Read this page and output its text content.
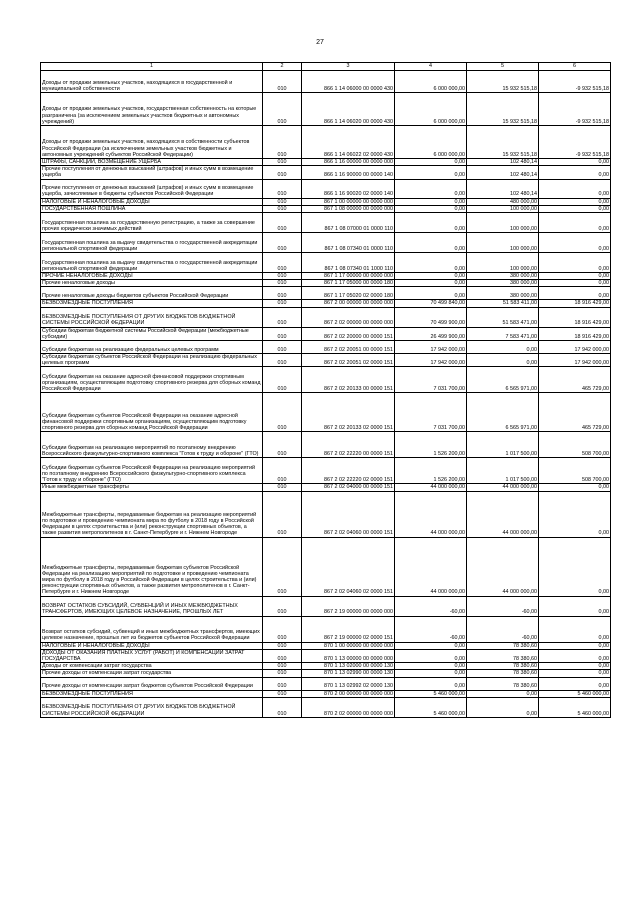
27
1	2	3	4	5	6
Доходы от продажи земельных участков, находящихся в государственной и муниципальной собственности	010	866 1 14 06000 00 0000 430	6 000 000,00	15 932 515,18	-9 932 515,18
Доходы от продажи земельных участков, государственная собственность на которые разграничена (за исключением земельных участков бюджетных и автономных учреждений)	010	866 1 14 06020 00 0000 430	6 000 000,00	15 932 515,18	-9 932 515,18
Доходы от продажи земельных участков, находящихся в собственности субъектов Российской Федерации (за исключением земельных участков бюджетных и автономных учреждений субъектов Российской Федерации)	010	866 1 14 06022 02 0000 430	6 000 000,00	15 932 515,18	-9 932 515,18
ШТРАФЫ, САНКЦИИ, ВОЗМЕЩЕНИЕ УЩЕРБА	010	866 1 16 00000 00 0000 000	0,00	102 480,14	0,00
Прочие поступления от денежных взысканий (штрафов) и иных сумм в возмещение ущерба	010	866 1 16 90000 00 0000 140	0,00	102 480,14	0,00
Прочие поступления от денежных взысканий (штрафов) и иных сумм в возмещение ущерба, зачисляемые в бюджеты субъектов Российской Федерации	010	866 1 16 90020 02 0000 140	0,00	102 480,14	0,00
НАЛОГОВЫЕ И НЕНАЛОГОВЫЕ ДОХОДЫ	010	867 1 00 00000 00 0000 000	0,00	480 000,00	0,00
ГОСУДАРСТВЕННАЯ ПОШЛИНА	010	867 1 08 00000 00 0000 000	0,00	100 000,00	0,00
Государственная пошлина за государственную регистрацию, а также за совершение прочих юридически значимых действий	010	867 1 08 07000 01 0000 110	0,00	100 000,00	0,00
Государственная пошлина за выдачу свидетельства о государственной аккредитации региональной спортивной федерации	010	867 1 08 07340 01 0000 110	0,00	100 000,00	0,00
Государственная пошлина за выдачу свидетельства о государственной аккредитации региональной спортивной федерации	010	867 1 08 07340 01 1000 110	0,00	100 000,00	0,00
ПРОЧИЕ НЕНАЛОГОВЫЕ ДОХОДЫ	010	867 1 17 00000 00 0000 000	0,00	380 000,00	0,00
Прочие неналоговые доходы	010	867 1 17 05000 00 0000 180	0,00	380 000,00	0,00
Прочие неналоговые доходы бюджетов субъектов Российской Федерации	010	867 1 17 05020 02 0000 180	0,00	380 000,00	0,00
БЕЗВОЗМЕЗДНЫЕ ПОСТУПЛЕНИЯ	010	867 2 00 00000 00 0000 000	70 499 840,00	51 583 411,00	18 916 429,00
БЕЗВОЗМЕЗДНЫЕ ПОСТУПЛЕНИЯ ОТ ДРУГИХ БЮДЖЕТОВ БЮДЖЕТНОЙ СИСТЕМЫ РОССИЙСКОЙ ФЕДЕРАЦИИ	010	867 2 02 00000 00 0000 000	70 499 900,00	51 583 471,00	18 916 429,00
Субсидии бюджетам бюджетной системы Российской Федерации (межбюджетные субсидии)	010	867 2 02 20000 00 0000 151	26 499 900,00	7 583 471,00	18 916 429,00
Субсидии бюджетам на реализацию федеральных целевых программ	010	867 2 02 20051 00 0000 151	17 942 000,00	0,00	17 942 000,00
Субсидии бюджетам субъектов Российской Федерации на реализацию федеральных целевых программ	010	867 2 02 20051 02 0000 151	17 942 000,00	0,00	17 942 000,00
Субсидии бюджетам на оказание адресной финансовой поддержки спортивным организациям, осуществляющим подготовку спортивного резерва для сборных команд Российской Федерации	010	867 2 02 20133 00 0000 151	7 031 700,00	6 565 971,00	465 729,00
Субсидии бюджетам субъектов Российской Федерации на оказание адресной финансовой поддержки спортивным организациям, осуществляющим подготовку спортивного резерва для сборных команд Российской Федерации	010	867 2 02 20133 02 0000 151	7 031 700,00	6 565 971,00	465 729,00
Субсидии бюджетам на реализацию мероприятий по поэтапному внедрению Всероссийского физкультурно-спортивного комплекса "Готов к труду и обороне" (ГТО)	010	867 2 02 22220 00 0000 151	1 526 200,00	1 017 500,00	508 700,00
Субсидии бюджетам субъектов Российской Федерации на реализацию мероприятий по поэтапному внедрению Всероссийского физкультурно-спортивного комплекса "Готов к труду и обороне" (ГТО)	010	867 2 02 22220 02 0000 151	1 526 200,00	1 017 500,00	508 700,00
Иные межбюджетные трансферты	010	867 2 02 04000 00 0000 151	44 000 000,00	44 000 000,00	0,00
Межбюджетные трансферты, передаваемые бюджетам на реализацию мероприятий по подготовке и проведению чемпионата мира по футболу в 2018 году в Российской Федерации в целях строительства и (или) реконструкции спортивных объектов, а также развития метрополитенов в г. Санкт-Петербурге и г. Нижнем Новгороде	010	867 2 02 04060 00 0000 151	44 000 000,00	44 000 000,00	0,00
Межбюджетные трансферты, передаваемые бюджетам субъектов Российской Федерации на реализацию мероприятий по подготовке и проведению чемпионата мира по футболу в 2018 году в Российской Федерации в целях строительства и (или) реконструкции спортивных объектов, а также развития метрополитенов в г. Санкт-Петербурге и г. Нижнем Новгороде	010	867 2 02 04060 02 0000 151	44 000 000,00	44 000 000,00	0,00
ВОЗВРАТ ОСТАТКОВ СУБСИДИЙ, СУБВЕНЦИЙ И ИНЫХ МЕЖБЮДЖЕТНЫХ ТРАНСФЕРТОВ, ИМЕЮЩИХ ЦЕЛЕВОЕ НАЗНАЧЕНИЕ, ПРОШЛЫХ ЛЕТ	010	867 2 19 00000 00 0000 000	-60,00	-60,00	0,00
Возврат остатков субсидий, субвенций и иных межбюджетных трансфертов, имеющих целевое назначение, прошлых лет из бюджетов субъектов Российской Федерации	010	867 2 19 00000 02 0000 151	-60,00	-60,00	0,00
НАЛОГОВЫЕ И НЕНАЛОГОВЫЕ ДОХОДЫ	010	870 1 00 00000 00 0000 000	0,00	78 380,60	0,00
ДОХОДЫ ОТ ОКАЗАНИЯ ПЛАТНЫХ УСЛУГ (РАБОТ) И КОМПЕНСАЦИИ ЗАТРАТ ГОСУДАРСТВА	010	870 1 13 00000 00 0000 000	0,00	78 380,60	0,00
Доходы от компенсации затрат государства	010	870 1 13 02000 00 0000 130	0,00	78 380,60	0,00
Прочие доходы от компенсации затрат государства	010	870 1 13 02990 00 0000 130	0,00	78 380,60	0,00
Прочие доходы от компенсации затрат бюджетов субъектов Российской Федерации	010	870 1 13 02992 02 0000 130	0,00	78 380,60	0,00
БЕЗВОЗМЕЗДНЫЕ ПОСТУПЛЕНИЯ	010	870 2 00 00000 00 0000 000	5 460 000,00	0,00	5 460 000,00
БЕЗВОЗМЕЗДНЫЕ ПОСТУПЛЕНИЯ ОТ ДРУГИХ БЮДЖЕТОВ БЮДЖЕТНОЙ СИСТЕМЫ РОССИЙСКОЙ ФЕДЕРАЦИИ	010	870 2 02 00000 00 0000 000	5 460 000,00	0,00	5 460 000,00
